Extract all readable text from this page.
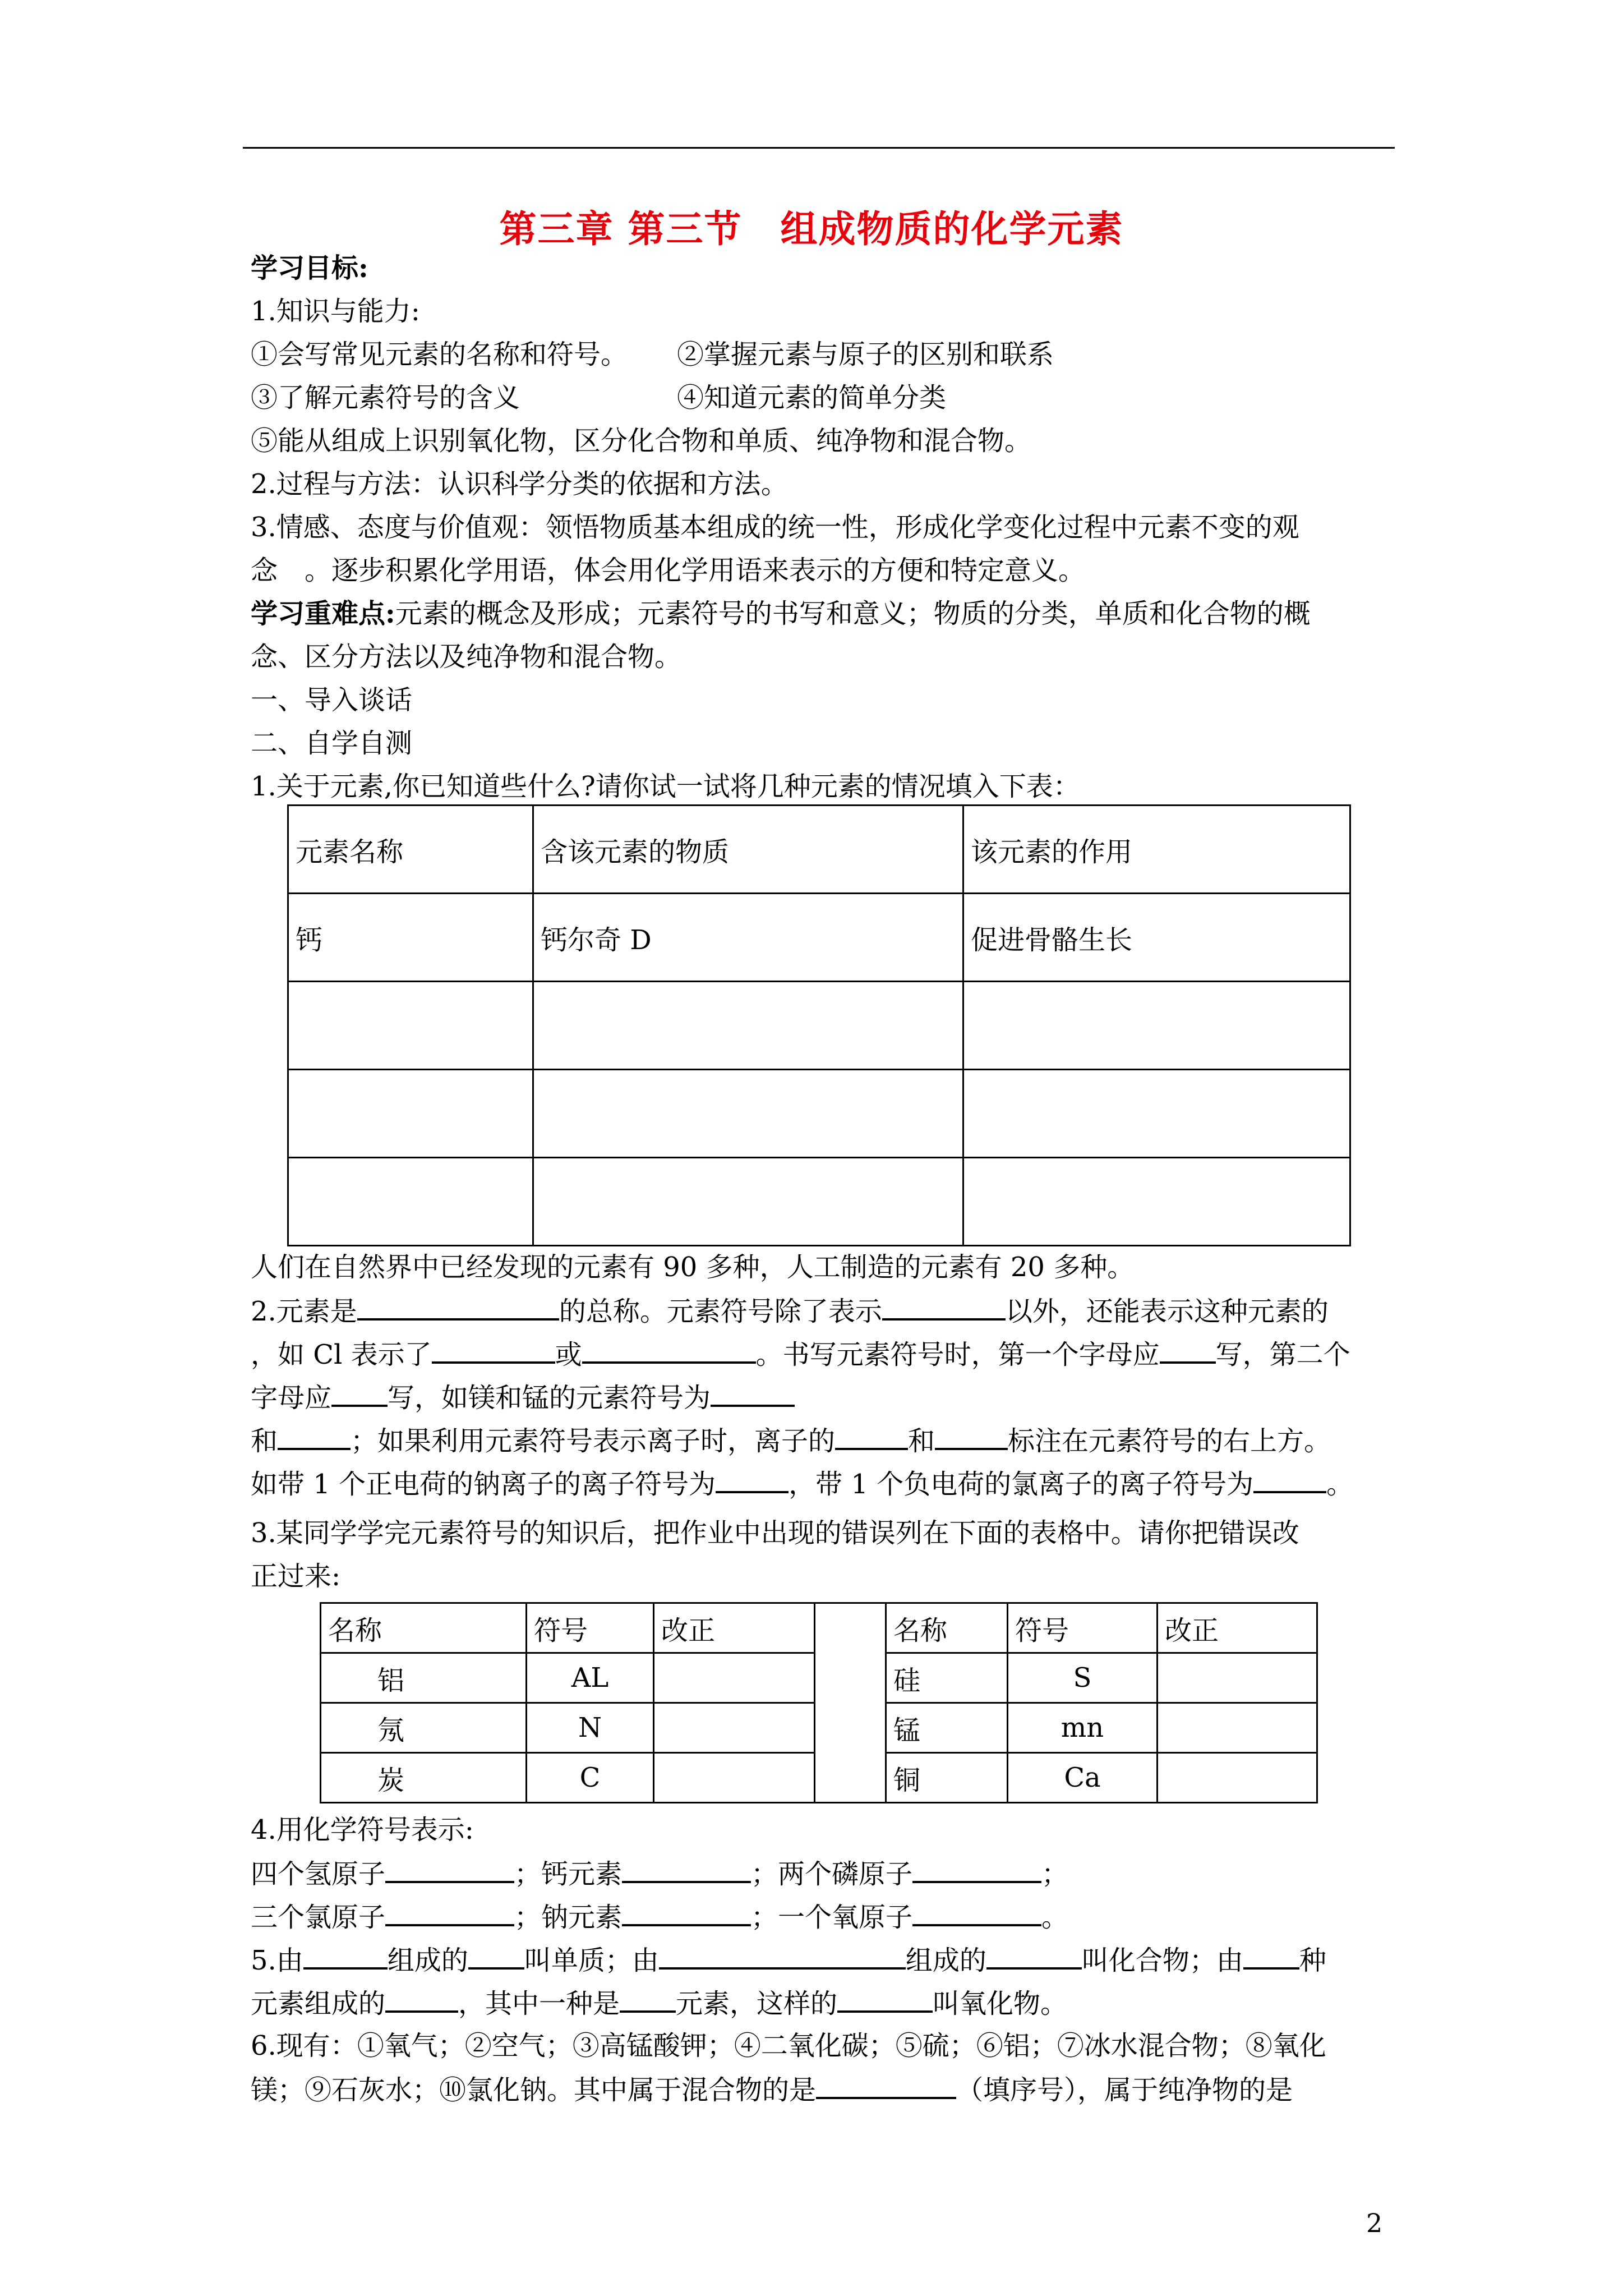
第三章 第三节　组成物质的化学元素
学习目标:
1.知识与能力:
①会写常见元素的名称和符号。 ②掌握元素与原子的区别和联系
③了解元素符号的含义	④知道元素的简单分类
⑤能从组成上识别氧化物，区分化合物和单质、纯净物和混合物。
2.过程与方法：认识科学分类的依据和方法。
3.情感、态度与价值观：领悟物质基本组成的统一性，形成化学变化过程中元素不变的观
念　。逐步积累化学用语，体会用化学用语来表示的方便和特定意义。
学习重难点:元素的概念及形成；元素符号的书写和意义；物质的分类，单质和化合物的概
念、区分方法以及纯净物和混合物。
一、导入谈话
二、自学自测
1.关于元素,你已知道些什么?请你试一试将几种元素的情况填入下表：
元素名称	含该元素的物质	该元素的作用
钙	钙尔奇 D	促进骨骼生长

人们在自然界中已经发现的元素有 90 多种，人工制造的元素有 20 多种。
2.元素是	的总称。元素符号除了表示	以外，还能表示这种元素的
，如 Cl 表示了	或	。书写元素符号时，第一个字母应 写，第二个
字母应 写，如镁和锰的元素符号为
和	；如果利用元素符号表示离子时，离子的	和	标注在元素符号的右上方。
如带 1 个正电荷的钠离子的离子符号为	，带 1 个负电荷的氯离子的离子符号为	。
3.某同学学完元素符号的知识后，把作业中出现的错误列在下面的表格中。请你把错误改
正过来:
名称	符号	改正		名称	符号	改正
铝	AL			硅	S	
氖	N			锰	mn	
炭	C			铜	Ca	
4.用化学符号表示:
四个氢原子	；钙元素	；两个磷原子	；
三个氯原子	；钠元素	；一个氧原子	。
5.由	组成的 叫单质；由	组成的	叫化合物；由 种
元素组成的	，其中一种是 元素，这样的	叫氧化物。
6.现有：①氧气；②空气；③高锰酸钾；④二氧化碳；⑤硫；⑥铝；⑦冰水混合物；⑧氧化
镁；⑨石灰水；⑩氯化钠。其中属于混合物的是	（填序号），属于纯净物的是
2
